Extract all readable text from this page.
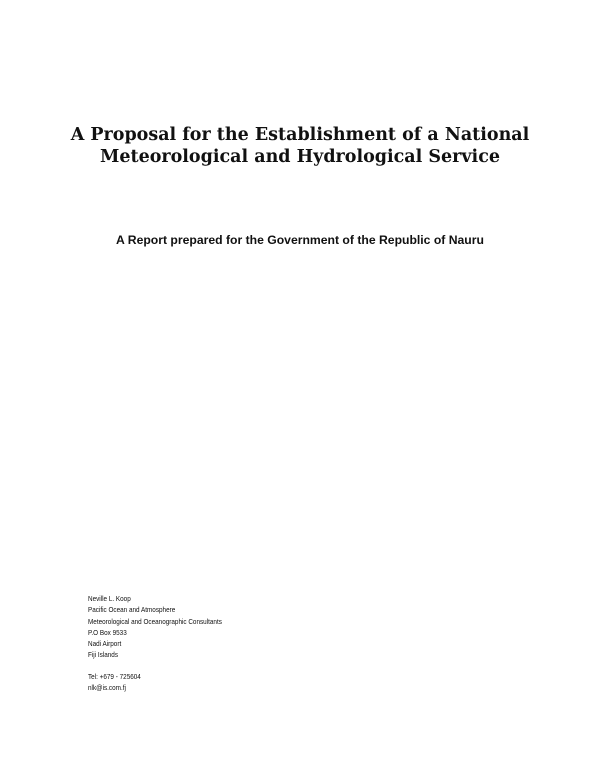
A Proposal for the Establishment of a National
Meteorological and Hydrological Service
A Report prepared for the Government of the Republic of Nauru
Neville L. Koop
Pacific Ocean and Atmosphere
Meteorological and Oceanographic Consultants
P.O Box 9533
Nadi Airport
Fiji Islands
Tel: +679 - 725604
nlk@is.com.fj
